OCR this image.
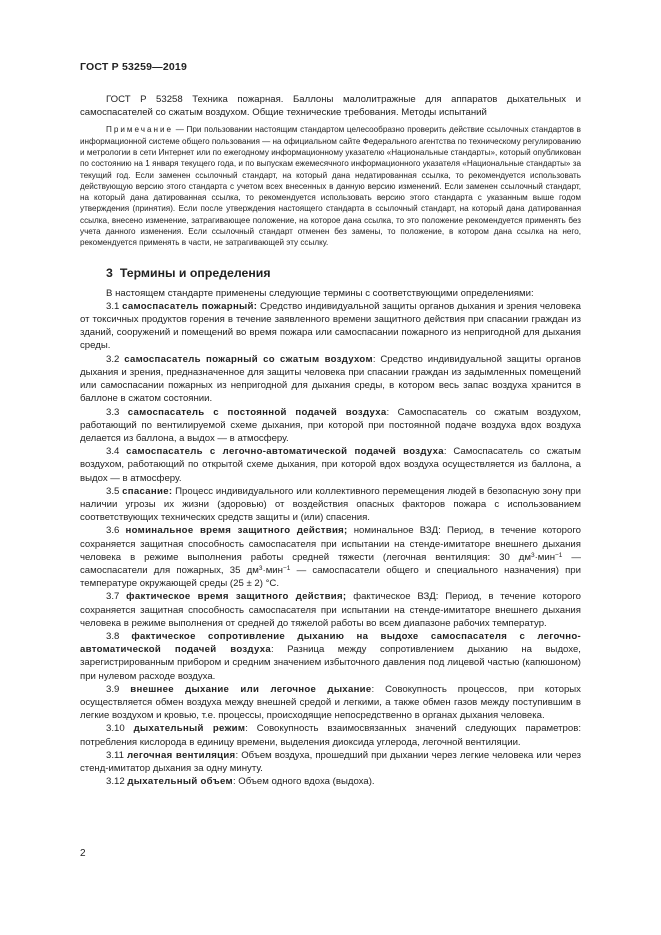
ГОСТ Р 53259—2019

ГОСТ Р 53258 Техника пожарная. Баллоны малолитражные для аппаратов дыхательных и самоспасателей со сжатым воздухом. Общие технические требования. Методы испытаний

Примечание — При пользовании настоящим стандартом целесообразно проверить действие ссылочных стандартов в информационной системе общего пользования — на официальном сайте Федерального агентства по техническому регулированию и метрологии в сети Интернет или по ежегодному информационному указателю «Национальные стандарты», который опубликован по состоянию на 1 января текущего года, и по выпускам ежемесячного информационного указателя «Национальные стандарты» за текущий год. Если заменен ссылочный стандарт, на который дана недатированная ссылка, то рекомендуется использовать действующую версию этого стандарта с учетом всех внесенных в данную версию изменений. Если заменен ссылочный стандарт, на который дана датированная ссылка, то рекомендуется использовать версию этого стандарта с указанным выше годом утверждения (принятия). Если после утверждения настоящего стандарта в ссылочный стандарт, на который дана датированная ссылка, внесено изменение, затрагивающее положение, на которое дана ссылка, то это положение рекомендуется применять без учета данного изменения. Если ссылочный стандарт отменен без замены, то положение, в котором дана ссылка на него, рекомендуется применять в части, не затрагивающей эту ссылку.

3 Термины и определения

В настоящем стандарте применены следующие термины с соответствующими определениями:

3.1 самоспасатель пожарный: Средство индивидуальной защиты органов дыхания и зрения человека от токсичных продуктов горения в течение заявленного времени защитного действия при спасании граждан из зданий, сооружений и помещений во время пожара или самоспасании пожарного из непригодной для дыхания среды.

3.2 самоспасатель пожарный со сжатым воздухом: Средство индивидуальной защиты органов дыхания и зрения, предназначенное для защиты человека при спасании граждан из задымленных помещений или самоспасании пожарных из непригодной для дыхания среды, в котором весь запас воздуха хранится в баллоне в сжатом состоянии.

3.3 самоспасатель с постоянной подачей воздуха: Самоспасатель со сжатым воздухом, работающий по вентилируемой схеме дыхания, при которой при постоянной подаче воздуха вдох воздуха делается из баллона, а выдох — в атмосферу.

3.4 самоспасатель с легочно-автоматической подачей воздуха: Самоспасатель со сжатым воздухом, работающий по открытой схеме дыхания, при которой вдох воздуха осуществляется из баллона, а выдох — в атмосферу.

3.5 спасание: Процесс индивидуального или коллективного перемещения людей в безопасную зону при наличии угрозы их жизни (здоровью) от воздействия опасных факторов пожара с использованием соответствующих технических средств защиты и (или) спасения.

3.6 номинальное время защитного действия; номинальное ВЗД: Период, в течение которого сохраняется защитная способность самоспасателя при испытании на стенде-имитаторе внешнего дыхания человека в режиме выполнения работы средней тяжести (легочная вентиляция: 30 $дм^3\cdot мин^{-1}$ — самоспасатели для пожарных, 35 $дм^3\cdot мин^{-1}$ — самоспасатели общего и специального назначения) при температуре окружающей среды (25 ± 2) °С.

3.7 фактическое время защитного действия; фактическое ВЗД: Период, в течение которого сохраняется защитная способность самоспасателя при испытании на стенде-имитаторе внешнего дыхания человека в режиме выполнения от средней до тяжелой работы во всем диапазоне рабочих температур.

3.8 фактическое сопротивление дыханию на выдохе самоспасателя с легочно-автоматической подачей воздуха: Разница между сопротивлением дыханию на выдохе, зарегистрированным прибором и средним значением избыточного давления под лицевой частью (капюшоном) при нулевом расходе воздуха.

3.9 внешнее дыхание или легочное дыхание: Совокупность процессов, при которых осуществляется обмен воздуха между внешней средой и легкими, а также обмен газов между поступившим в легкие воздухом и кровью, т.е. процессы, происходящие непосредственно в органах дыхания человека.

3.10 дыхательный режим: Совокупность взаимосвязанных значений следующих параметров: потребления кислорода в единицу времени, выделения диоксида углерода, легочной вентиляции.

3.11 легочная вентиляция: Объем воздуха, прошедший при дыхании через легкие человека или через стенд-имитатор дыхания за одну минуту.

3.12 дыхательный объем: Объем одного вдоха (выдоха).

2
